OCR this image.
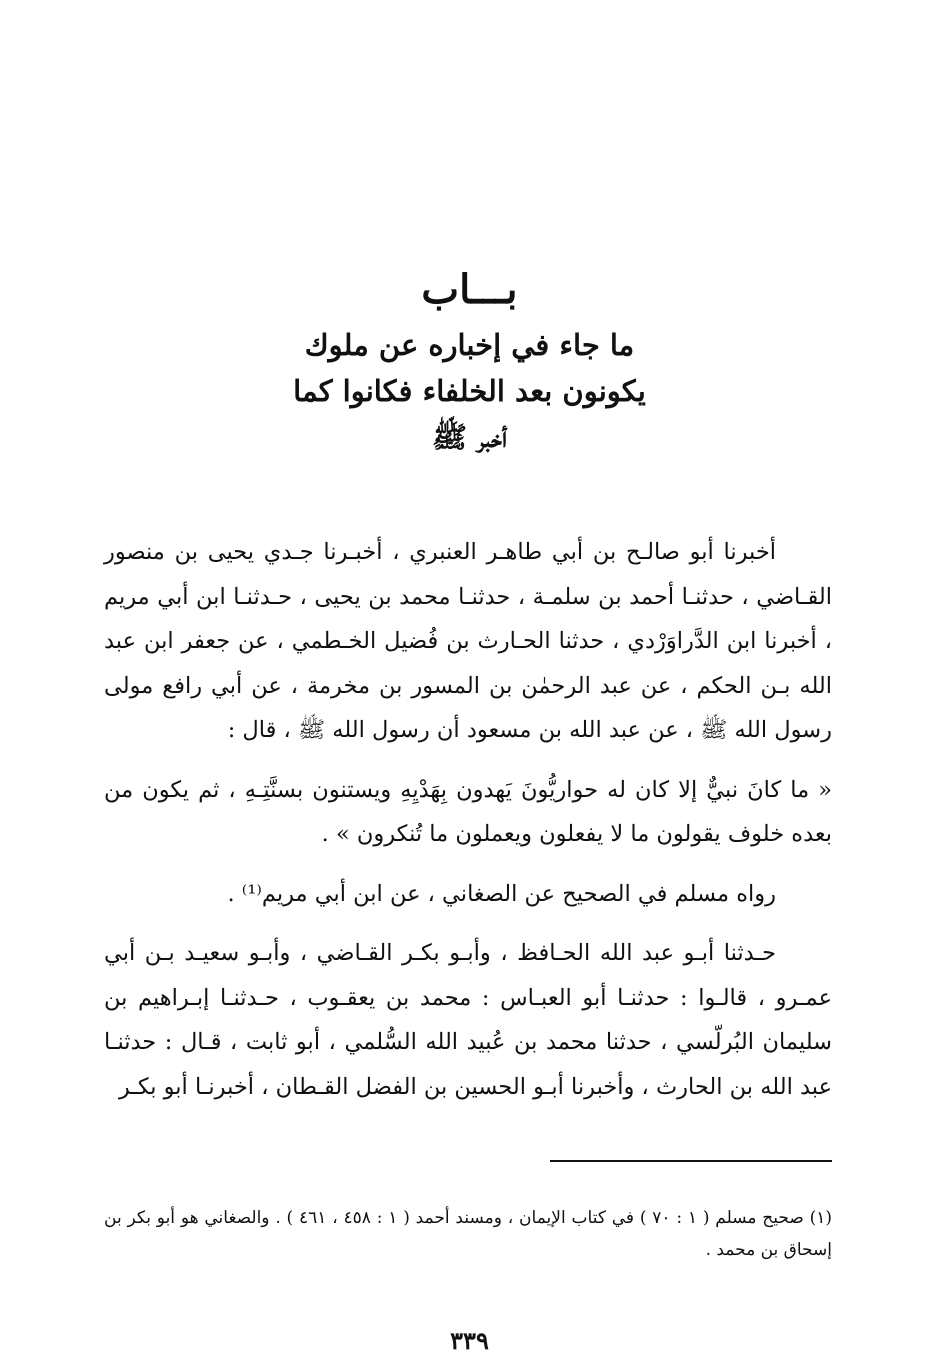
بـــاب
ما جاء في إخباره عن ملوك
يكونون بعد الخلفاء فكانوا كما
أخبر ﷺ

أخبرنا أبو صالـح بن أبي طاهـر العنبري ، أخبـرنا جـدي يحيى بن منصور القـاضي ، حدثنـا أحمد بن سلمـة ، حدثنـا محمد بن يحيى ، حـدثنـا ابن أبي مريم ، أخبرنا ابن الدَّراوَرْدي ، حدثنا الحـارث بن فُضيل الخـطمي ، عن جعفر ابن عبد الله بـن الحكم ، عن عبد الرحمٰن بن المسور بن مخرمة ، عن أبي رافع مولى رسول الله ﷺ ، عن عبد الله بن مسعود أن رسول الله ﷺ ، قال :

« ما كانَ نبيٌّ إلا كان له حواريُّونَ يَهدون بِهَدْيِهِ ويستنون بسنَّتِـهِ ، ثم يكون من بعده خلوف يقولون ما لا يفعلون ويعملون ما تُنكرون » .

رواه مسلم في الصحيح عن الصغاني ، عن ابن أبي مريم⁽¹⁾ .

حـدثنا أبـو عبد الله الحـافظ ، وأبـو بكـر القـاضي ، وأبـو سعيـد بـن أبي عمـرو ، قالـوا : حدثنـا أبو العبـاس : محمد بن يعقـوب ، حـدثنـا إبـراهيم بن سليمان البُرلّسي ، حدثنا محمد بن عُبيد الله السُّلمي ، أبو ثابت ، قـال : حدثنـا عبد الله بن الحارث ، وأخبرنا أبـو الحسين بن الفضل القـطان ، أخبرنـا أبو بكـر

(١) صحيح مسلم ( ١ : ٧٠ ) في كتاب الإيمان ، ومسند أحمد ( ١ : ٤٥٨ ، ٤٦١ ) . والصغاني هو أبو بكر بن إسحاق بن محمد .

٣٣٩
